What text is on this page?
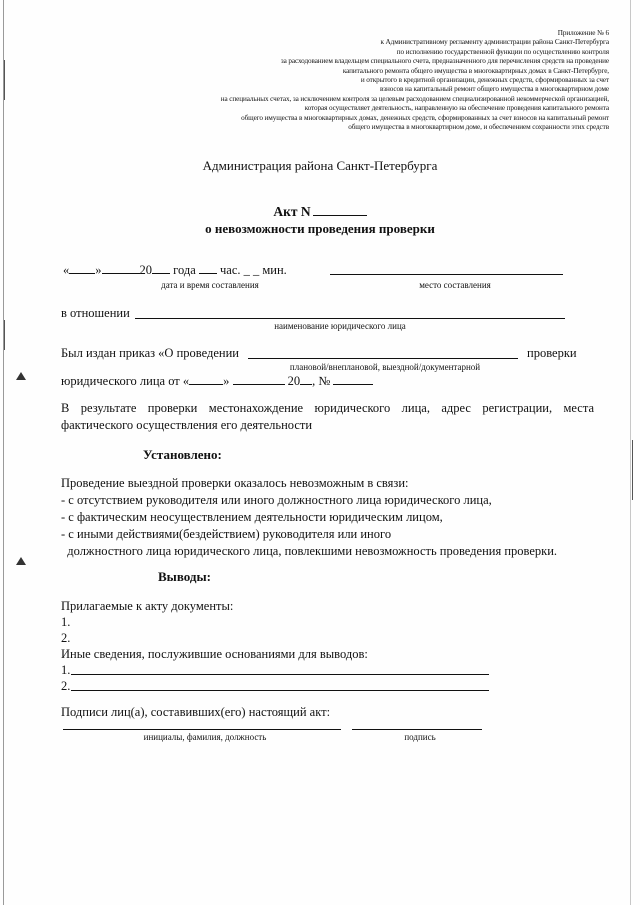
Приложение № 6
к Административному регламенту администрации района Санкт-Петербурга
по исполнению государственной функции по осуществлению контроля
за расходованием владельцем специального счета, предназначенного для перечисления средств на проведение
капитального ремонта общего имущества в многоквартирных домах в Санкт-Петербурге,
и открытого в кредитной организации, денежных средств, сформированных за счет
взносов на капитальный ремонт общего имущества в многоквартирном доме
на специальных счетах, за исключением контроля за целевым расходованием специализированной некоммерческой организацией,
которая осуществляет деятельность, направленную на обеспечение проведения капитального ремонта
общего имущества в многоквартирных домах, денежных средств, сформированных за счет взносов на капитальный ремонт
общего имущества в многоквартирном доме, и обеспечением сохранности этих средств
Администрация района Санкт-Петербурга
Акт N
о невозможности проведения проверки
« »	20 года час. _ _ мин.
дата и время составления	место составления
в отношении
наименование юридического лица
Был издан приказ «О проведении	проверки
плановой/внеплановой, выездной/документарной
юридического лица от «	»	20 , №
В результате проверки местонахождение юридического лица, адрес регистрации, места фактического осуществления его деятельности
Установлено:
Проведение выездной проверки оказалось невозможным в связи:
- с отсутствием руководителя или иного должностного лица юридического лица,
- с фактическим неосуществлением деятельности юридическим лицом,
- с иными действиями(бездействием) руководителя или иного
должностного лица юридического лица, повлекшими невозможность проведения проверки.
Выводы:
Прилагаемые к акту документы:
1.
2.
Иные сведения, послужившие основаниями для выводов:
1.
2.
Подписи лиц(а), составивших(его) настоящий акт:
инициалы, фамилия, должность	подпись
